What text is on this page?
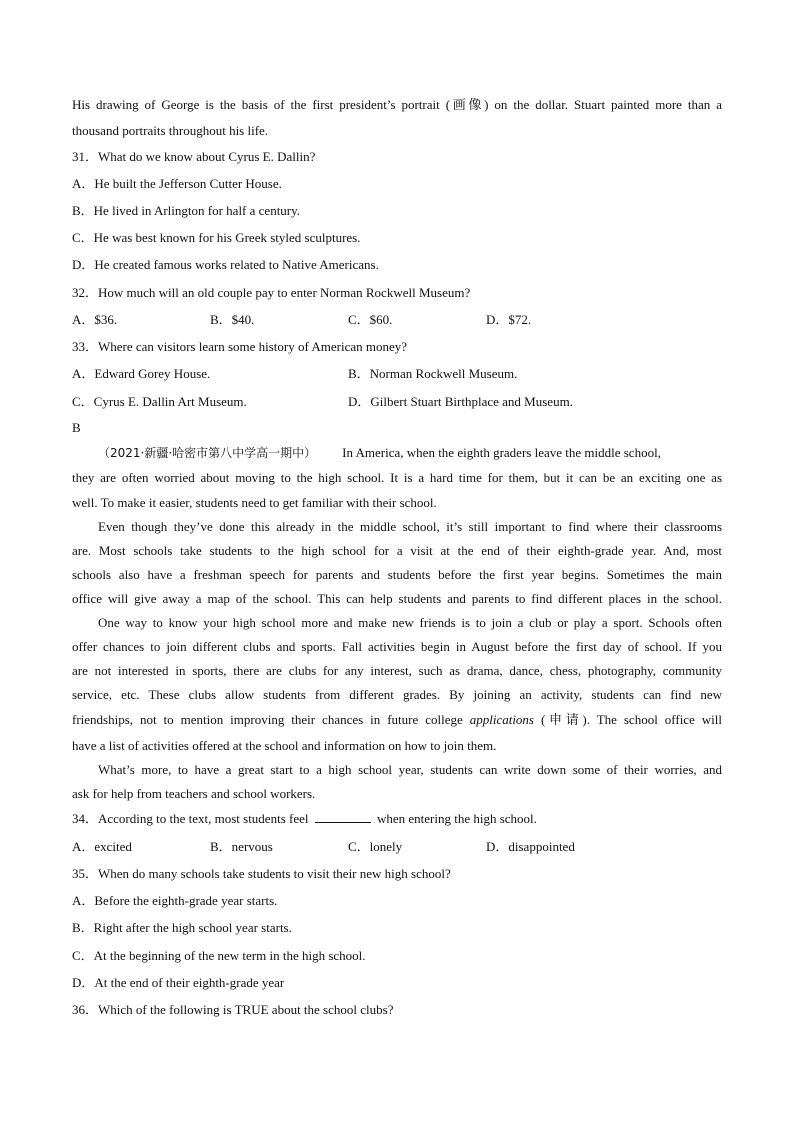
His drawing of George is the basis of the first president’s portrait (画像) on the dollar. Stuart painted more than a
thousand portraits throughout his life.
31．What do we know about Cyrus E. Dallin?
A．He built the Jefferson Cutter House.
B．He lived in Arlington for half a century.
C．He was best known for his Greek styled sculptures.
D．He created famous works related to Native Americans.
32．How much will an old couple pay to enter Norman Rockwell Museum?
A．$36.	B．$40.	C．$60.	D．$72.
33．Where can visitors learn some history of American money?
A．Edward Gorey House.	B．Norman Rockwell Museum.
C．Cyrus E. Dallin Art Museum.	D．Gilbert Stuart Birthplace and Museum.
B
（2021·新疆·哈密市第八中学高一期中） In America, when the eighth graders leave the middle school,
they are often worried about moving to the high school. It is a hard time for them, but it can be an exciting one as
well. To make it easier, students need to get familiar with their school.
Even though they’ve done this already in the middle school, it’s still important to find where their classrooms
are. Most schools take students to the high school for a visit at the end of their eighth-grade year. And, most
schools also have a freshman speech for parents and students before the first year begins. Sometimes the main
office will give away a map of the school. This can help students and parents to find different places in the school.
One way to know your high school more and make new friends is to join a club or play a sport. Schools often
offer chances to join different clubs and sports. Fall activities begin in August before the first day of school. If you
are not interested in sports, there are clubs for any interest, such as drama, dance, chess, photography, community
service, etc. These clubs allow students from different grades. By joining an activity, students can find new
friendships, not to mention improving their chances in future college applications (申请). The school office will
have a list of activities offered at the school and information on how to join them.
What’s more, to have a great start to a high school year, students can write down some of their worries, and
ask for help from teachers and school workers.
34．According to the text, most students feel	when entering the high school.
A．excited	B．nervous	C．lonely	D．disappointed
35．When do many schools take students to visit their new high school?
A．Before the eighth-grade year starts.
B．Right after the high school year starts.
C．At the beginning of the new term in the high school.
D．At the end of their eighth-grade year
36．Which of the following is TRUE about the school clubs?
